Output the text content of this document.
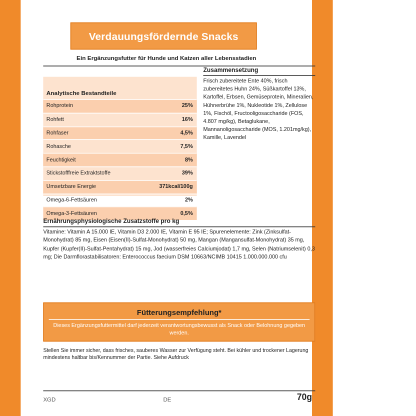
Verdauungsfördernde Snacks
Ein Ergänzungsfutter für Hunde und Katzen aller Lebensstadien
Analytische Bestandteile
Rohprotein	25%
Rohfett	16%
Rohfaser	4,5%
Rohasche	7,5%
Feuchtigkeit	8%
Stickstofffreie Extraktstoffe	39%
Umsetzbare Energie	371kcal/100g
Omega-6-Fettsäuren	2%
Omega-3-Fettsäuren	0,5%
Zusammensetzung
Frisch zubereitete Ente 40%, frisch zubereitetes Huhn 24%, Süßkartoffel 13%, Kartoffel, Erbsen, Gemüseprotein, Mineralien, Hühnerbrühe 1%, Nukleotide 1%, Zellulose 1%, Fischöl, Fructooligosaccharide (FOS, 4.807 mg/kg), Betaglukane, Mannanoligosaccharide (MOS, 1.201mg/kg), Kamille, Lavendel
Ernährungsphysiologische Zusatzstoffe pro kg
Vitamine: Vitamin A 15.000 IE, Vitamin D3 2.000 IE, Vitamin E 95 IE; Spurenelemente: Zink (Zinksulfat-Monohydrat) 85 mg, Eisen (Eisen(II)-Sulfat-Monohydrat) 50 mg, Mangan (Mangansulfat-Monohydrat) 35 mg, Kupfer (Kupfer(II)-Sulfat-Pentahydrat) 15 mg, Jod (wasserfreies Calciumjodat) 1,7 mg, Selen (Natriumselenit) 0,3 mg; Die Darmflorastabilisatoren: Enterococcus faecium DSM 10663/NCIMB 10415 1.000.000.000 cfu
Fütterungsempfehlung*
Dieses Ergänzungsfuttermittel darf jederzeit verantwortungsbewusst als Snack oder Belohnung gegeben werden.
Stellen Sie immer sicher, dass frisches, sauberes Wasser zur Verfügung steht. Bei kühler und trockener Lagerung mindestens haltbar bis/Kennummer der Partie. Siehe Aufdruck
XGD	DE	70g
